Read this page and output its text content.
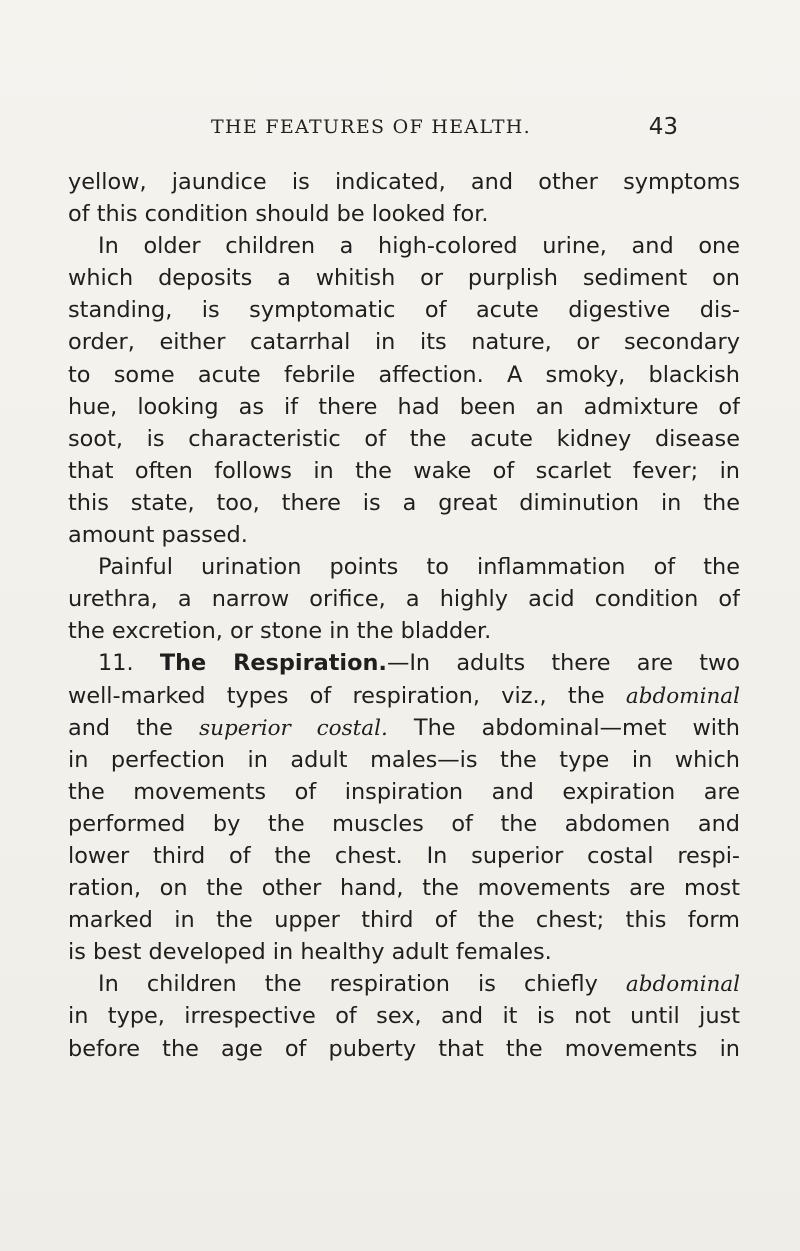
THE FEATURES OF HEALTH.	43
yellow, jaundice is indicated, and other symptoms
of this condition should be looked for.
In older children a high-colored urine, and one
which deposits a whitish or purplish sediment on
standing, is symptomatic of acute digestive dis-
order, either catarrhal in its nature, or secondary
to some acute febrile affection. A smoky, blackish
hue, looking as if there had been an admixture of
soot, is characteristic of the acute kidney disease
that often follows in the wake of scarlet fever; in
this state, too, there is a great diminution in the
amount passed.
Painful urination points to inflammation of the
urethra, a narrow orifice, a highly acid condition of
the excretion, or stone in the bladder.
11. The Respiration.—In adults there are two
well-marked types of respiration, viz., the abdominal
and the superior costal. The abdominal—met with
in perfection in adult males—is the type in which
the movements of inspiration and expiration are
performed by the muscles of the abdomen and
lower third of the chest. In superior costal respi-
ration, on the other hand, the movements are most
marked in the upper third of the chest; this form
is best developed in healthy adult females.
In children the respiration is chiefly abdominal
in type, irrespective of sex, and it is not until just
before the age of puberty that the movements in
